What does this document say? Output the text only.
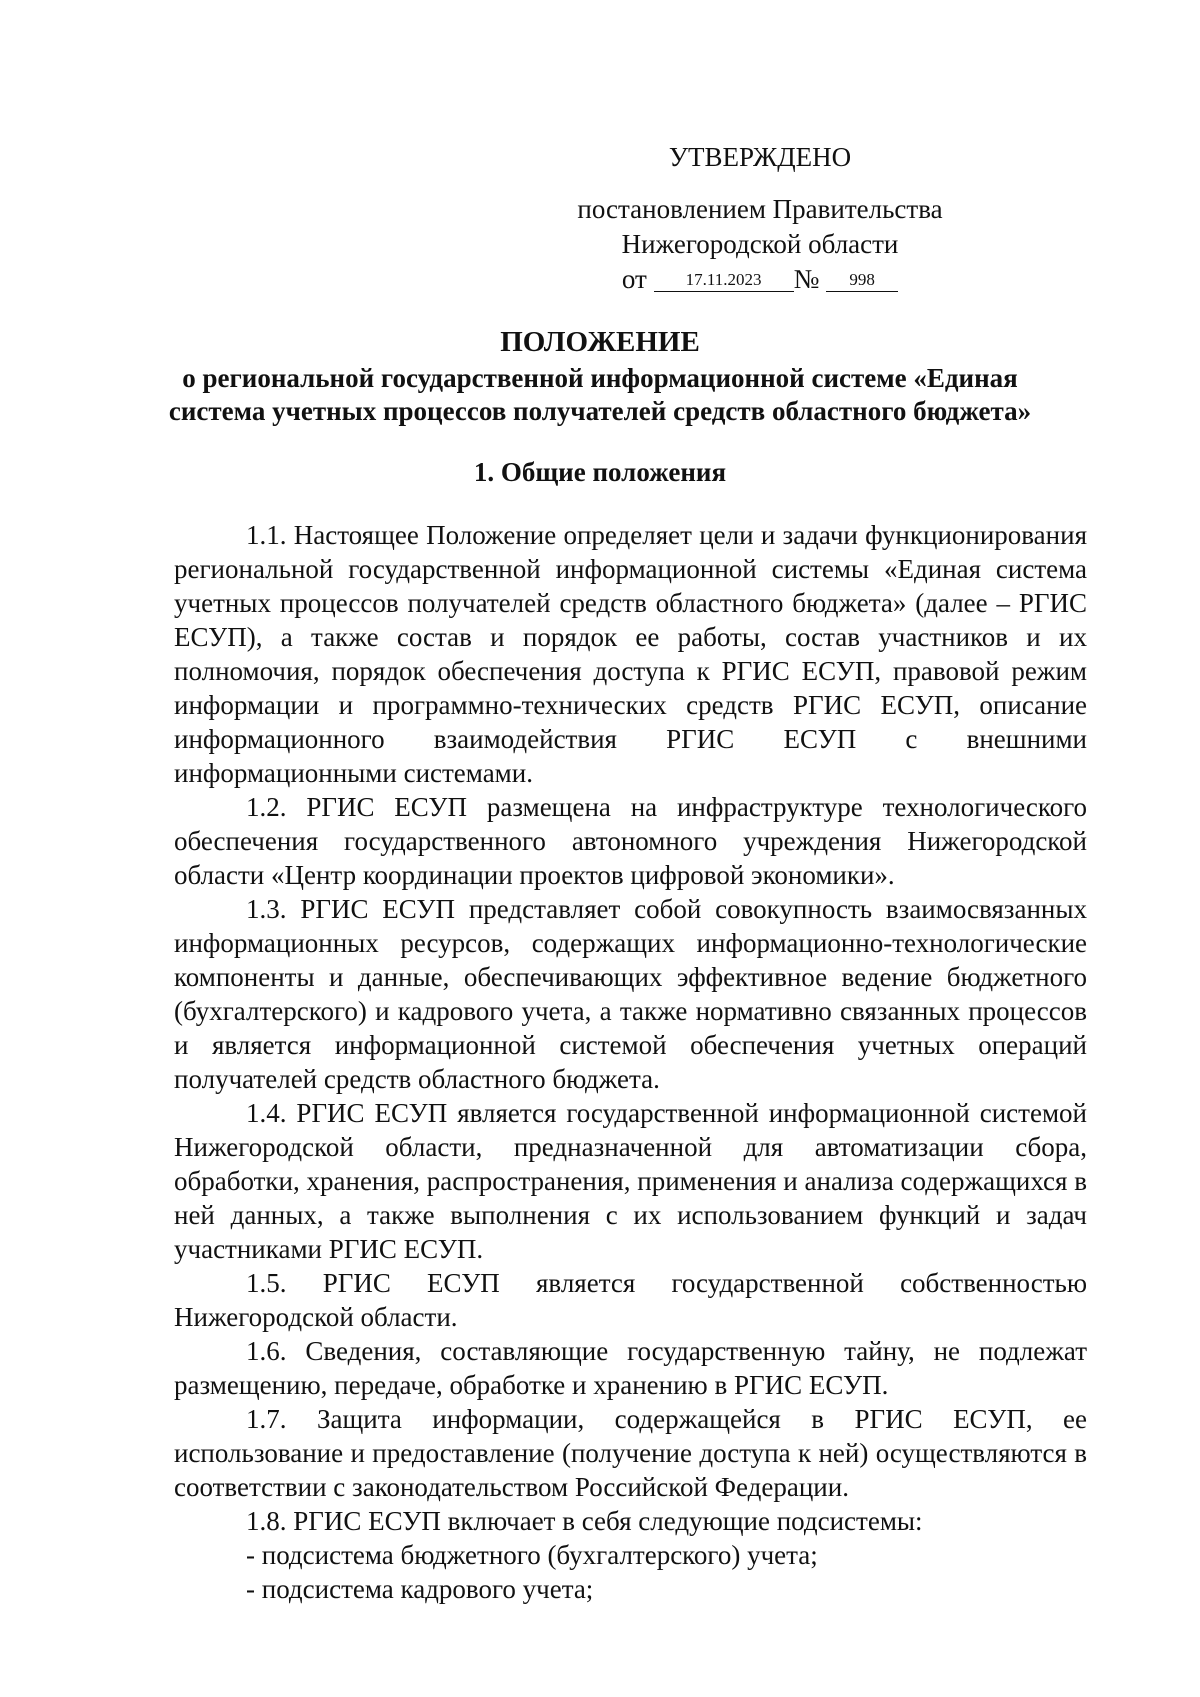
УТВЕРЖДЕНО
постановлением Правительства
Нижегородской области
от 17.11.2023 № 998
ПОЛОЖЕНИЕ
о региональной государственной информационной системе «Единая
система учетных процессов получателей средств областного бюджета»
1. Общие положения

1.1. Настоящее Положение определяет цели и задачи функционирования региональной государственной информационной системы «Единая система учетных процессов получателей средств областного бюджета» (далее – РГИС ЕСУП), а также состав и порядок ее работы, состав участников и их полномочия, порядок обеспечения доступа к РГИС ЕСУП, правовой режим информации и программно-технических средств РГИС ЕСУП, описание информационного взаимодействия РГИС ЕСУП с внешними информационными системами.

1.2. РГИС ЕСУП размещена на инфраструктуре технологического обеспечения государственного автономного учреждения Нижегородской области «Центр координации проектов цифровой экономики».

1.3. РГИС ЕСУП представляет собой совокупность взаимосвязанных информационных ресурсов, содержащих информационно-технологические компоненты и данные, обеспечивающих эффективное ведение бюджетного (бухгалтерского) и кадрового учета, а также нормативно связанных процессов и является информационной системой обеспечения учетных операций получателей средств областного бюджета.

1.4. РГИС ЕСУП является государственной информационной системой Нижегородской области, предназначенной для автоматизации сбора, обработки, хранения, распространения, применения и анализа содержащихся в ней данных, а также выполнения с их использованием функций и задач участниками РГИС ЕСУП.

1.5. РГИС ЕСУП является государственной собственностью Нижегородской области.

1.6. Сведения, составляющие государственную тайну, не подлежат размещению, передаче, обработке и хранению в РГИС ЕСУП.

1.7. Защита информации, содержащейся в РГИС ЕСУП, ее использование и предоставление (получение доступа к ней) осуществляются в соответствии с законодательством Российской Федерации.

1.8. РГИС ЕСУП включает в себя следующие подсистемы:

- подсистема бюджетного (бухгалтерского) учета;

- подсистема кадрового учета;
